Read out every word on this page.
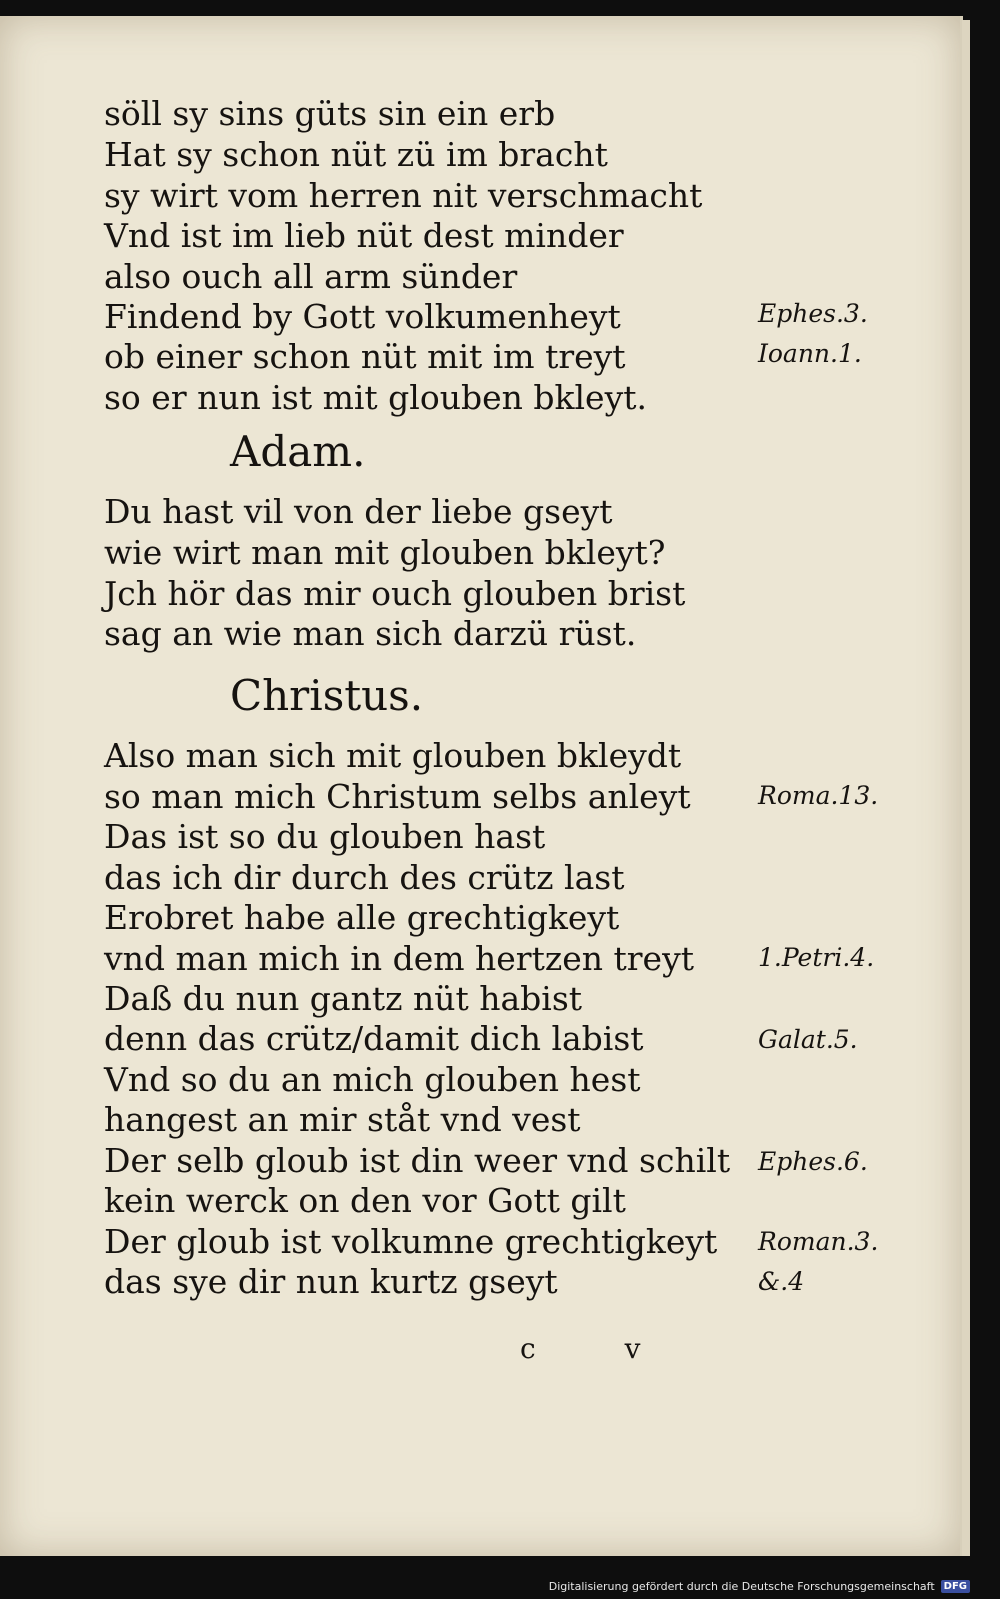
söll sy sins güts sin ein erb
Hat sy schon nüt zü im bracht
sy wirt vom herren nit verschmacht
Vnd ist im lieb nüt dest minder
also ouch all arm sünder
Findend by Gott volkumenheyt
ob einer schon nüt mit im treyt
so er nun ist mit glouben bkleyt.
Adam.
Du hast vil von der liebe gseyt
wie wirt man mit glouben bkleyt?
Jch hör das mir ouch glouben brist
sag an wie man sich darzü rüst.
Christus.
Also man sich mit glouben bkleydt
so man mich Christum selbs anleyt
Das ist so du glouben hast
das ich dir durch des crütz last
Erobret habe alle grechtigkeyt
vnd man mich in dem hertzen treyt
Daß du nun gantz nüt habist
denn das crütz/damit dich labist
Vnd so du an mich glouben hest
hangest an mir ståt vnd vest
Der selb gloub ist din weer vnd schilt
kein werck on den vor Gott gilt
Der gloub ist volkumne grechtigkeyt
das sye dir nun kurtz gseyt
Ephes.3.
Ioann.1.
Roma.13.
1.Petri.4.
Galat.5.
Ephes.6.
Roman.3.
&.4
c v
Digitalisierung gefördert durch die Deutsche Forschungsgemeinschaft DFG
